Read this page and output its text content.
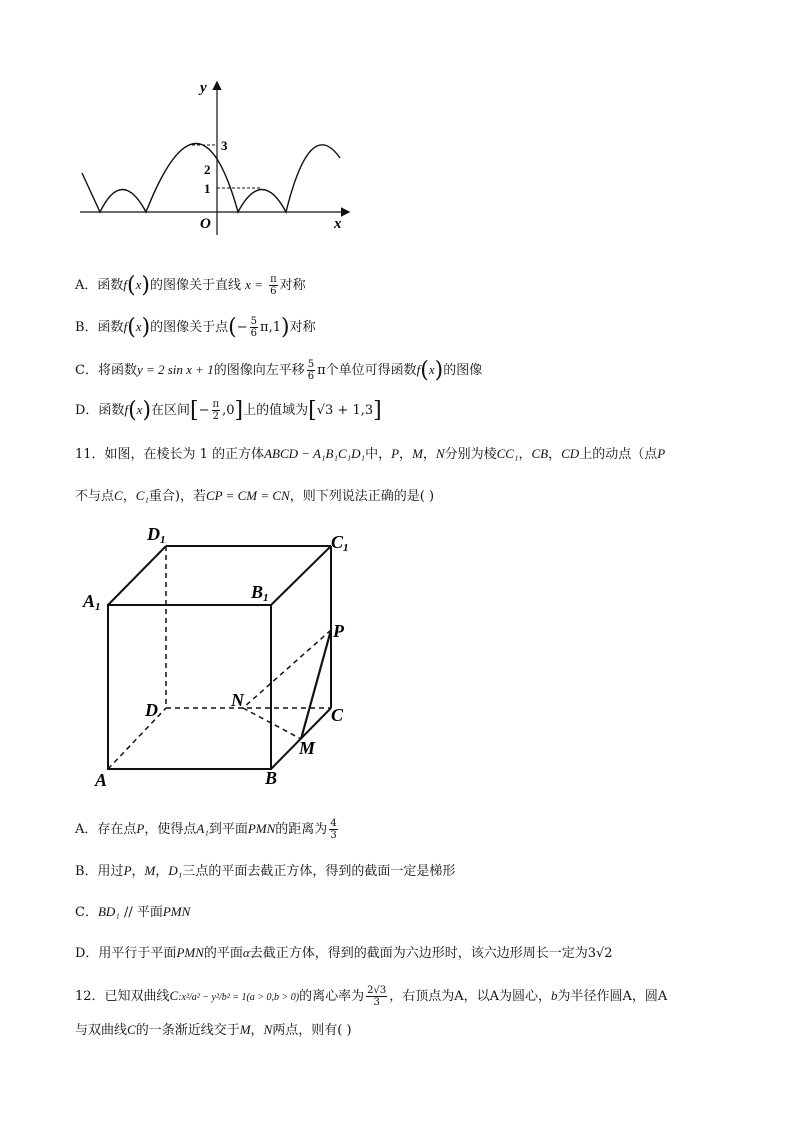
y
x
O
3
2
1
A．函数f(x)的图像关于直线 $x = \frac{\pi}{6}$ 对称
B．函数f(x)的图像关于点(− $\frac{5}{6} \pi,1$)对称
C．将函数y = 2 sin x + 1的图像向左平移 $\frac{5}{6}$ π个单位可得函数f(x)的图像
D．函数f(x)在区间[− $\frac{\pi}{2} ,0$]上的值域为[√3 + 1,3]
11．如图，在棱长为 1 的正方体ABCD − A₁B₁C₁D₁中，P，M，N分别为棱CC₁，CB，CD上的动点（点P
不与点C，C₁重合)，若CP = CM = CN，则下列说法正确的是( )
D1	C1
A1
B1
P
N
D	C
M
A	B
A．存在点P，使得点A₁到平面PMN的距离为 $\frac{4}{3}$
B．用过P，M，D₁三点的平面去截正方体，得到的截面一定是梯形
C．BD₁ // 平面PMN
D．用平行于平面PMN的平面α去截正方体，得到的截面为六边形时，该六边形周长一定为3√2
12．已知双曲线C:x²/a² − y²/b² = 1(a > 0,b > 0)的离心率为 $\frac{2√3}{3}$ ，右顶点为A，以A为圆心，b为半径作圆A，圆A
与双曲线C的一条渐近线交于M，N两点，则有( )
